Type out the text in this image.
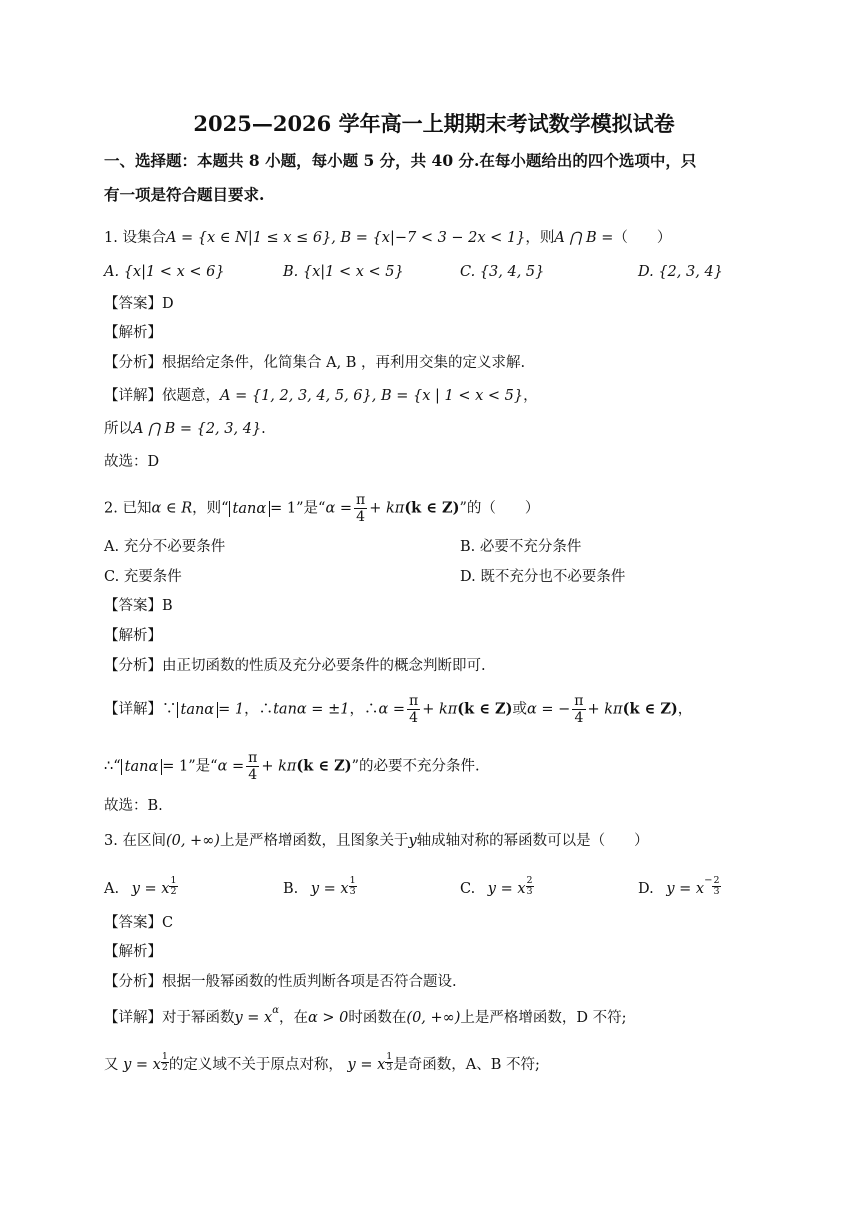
2025—2026 学年高一上期期末考试数学模拟试卷
一、选择题：本题共 8 小题，每小题 5 分，共 40 分.在每小题给出的四个选项中，只
有一项是符合题目要求.
1. 设集合A = {x ∈ N|1 ≤ x ≤ 6}, B = {x|−7 < 3 − 2x < 1}，则A ⋂ B =（　　）
A. {x|1 < x < 6}	B. {x|1 < x < 5}	C. {3, 4, 5}	D. {2, 3, 4}
【答案】D
【解析】
【分析】根据给定条件，化简集合 A, B ，再利用交集的定义求解.
【详解】依题意，A = {1, 2, 3, 4, 5, 6}, B = {x | 1 < x < 5}，
所以A ⋂ B = {2, 3, 4}.
故选：D
2. 已知α ∈ R，则“ tanα = 1”是“$\alpha = \frac{\pi}{4} + k\pi(k$ ∈ Z)”的（　　）
A. 充分不必要条件	B. 必要不充分条件
C. 充要条件	D. 既不充分也不必要条件
【答案】B
【解析】
【分析】由正切函数的性质及充分必要条件的概念判断即可.
【详解】∵ tanα = 1，∴tanα = ±1，∴α = $\frac{\pi}{4} + k\pi(k$ ∈ Z)或α = − $\frac{\pi}{4} + k\pi(k$ ∈ Z)，
∴“ tanα = 1”是“$\alpha = \frac{\pi}{4} + k\pi(k$ ∈ Z)”的必要不充分条件.
故选：B.
3. 在区间(0, +∞)上是严格增函数，且图象关于y轴成轴对称的幂函数可以是（　　）
A. y = x $\frac{1}{2}$	B. y = x $\frac{1}{3}$	C. y = x $\frac{2}{3}$	D. $y = x^- \frac{2}{3}$
【答案】C
【解析】
【分析】根据一般幂函数的性质判断各项是否符合题设.
【详解】对于幂函数$y = x^\alpha$，在α > 0时函数在(0, +∞)上是严格增函数，D 不符;
又 y = x $\frac{1}{2}$ 的定义域不关于原点对称， y = x $\frac{1}{3}$ 是奇函数，A、B 不符;
